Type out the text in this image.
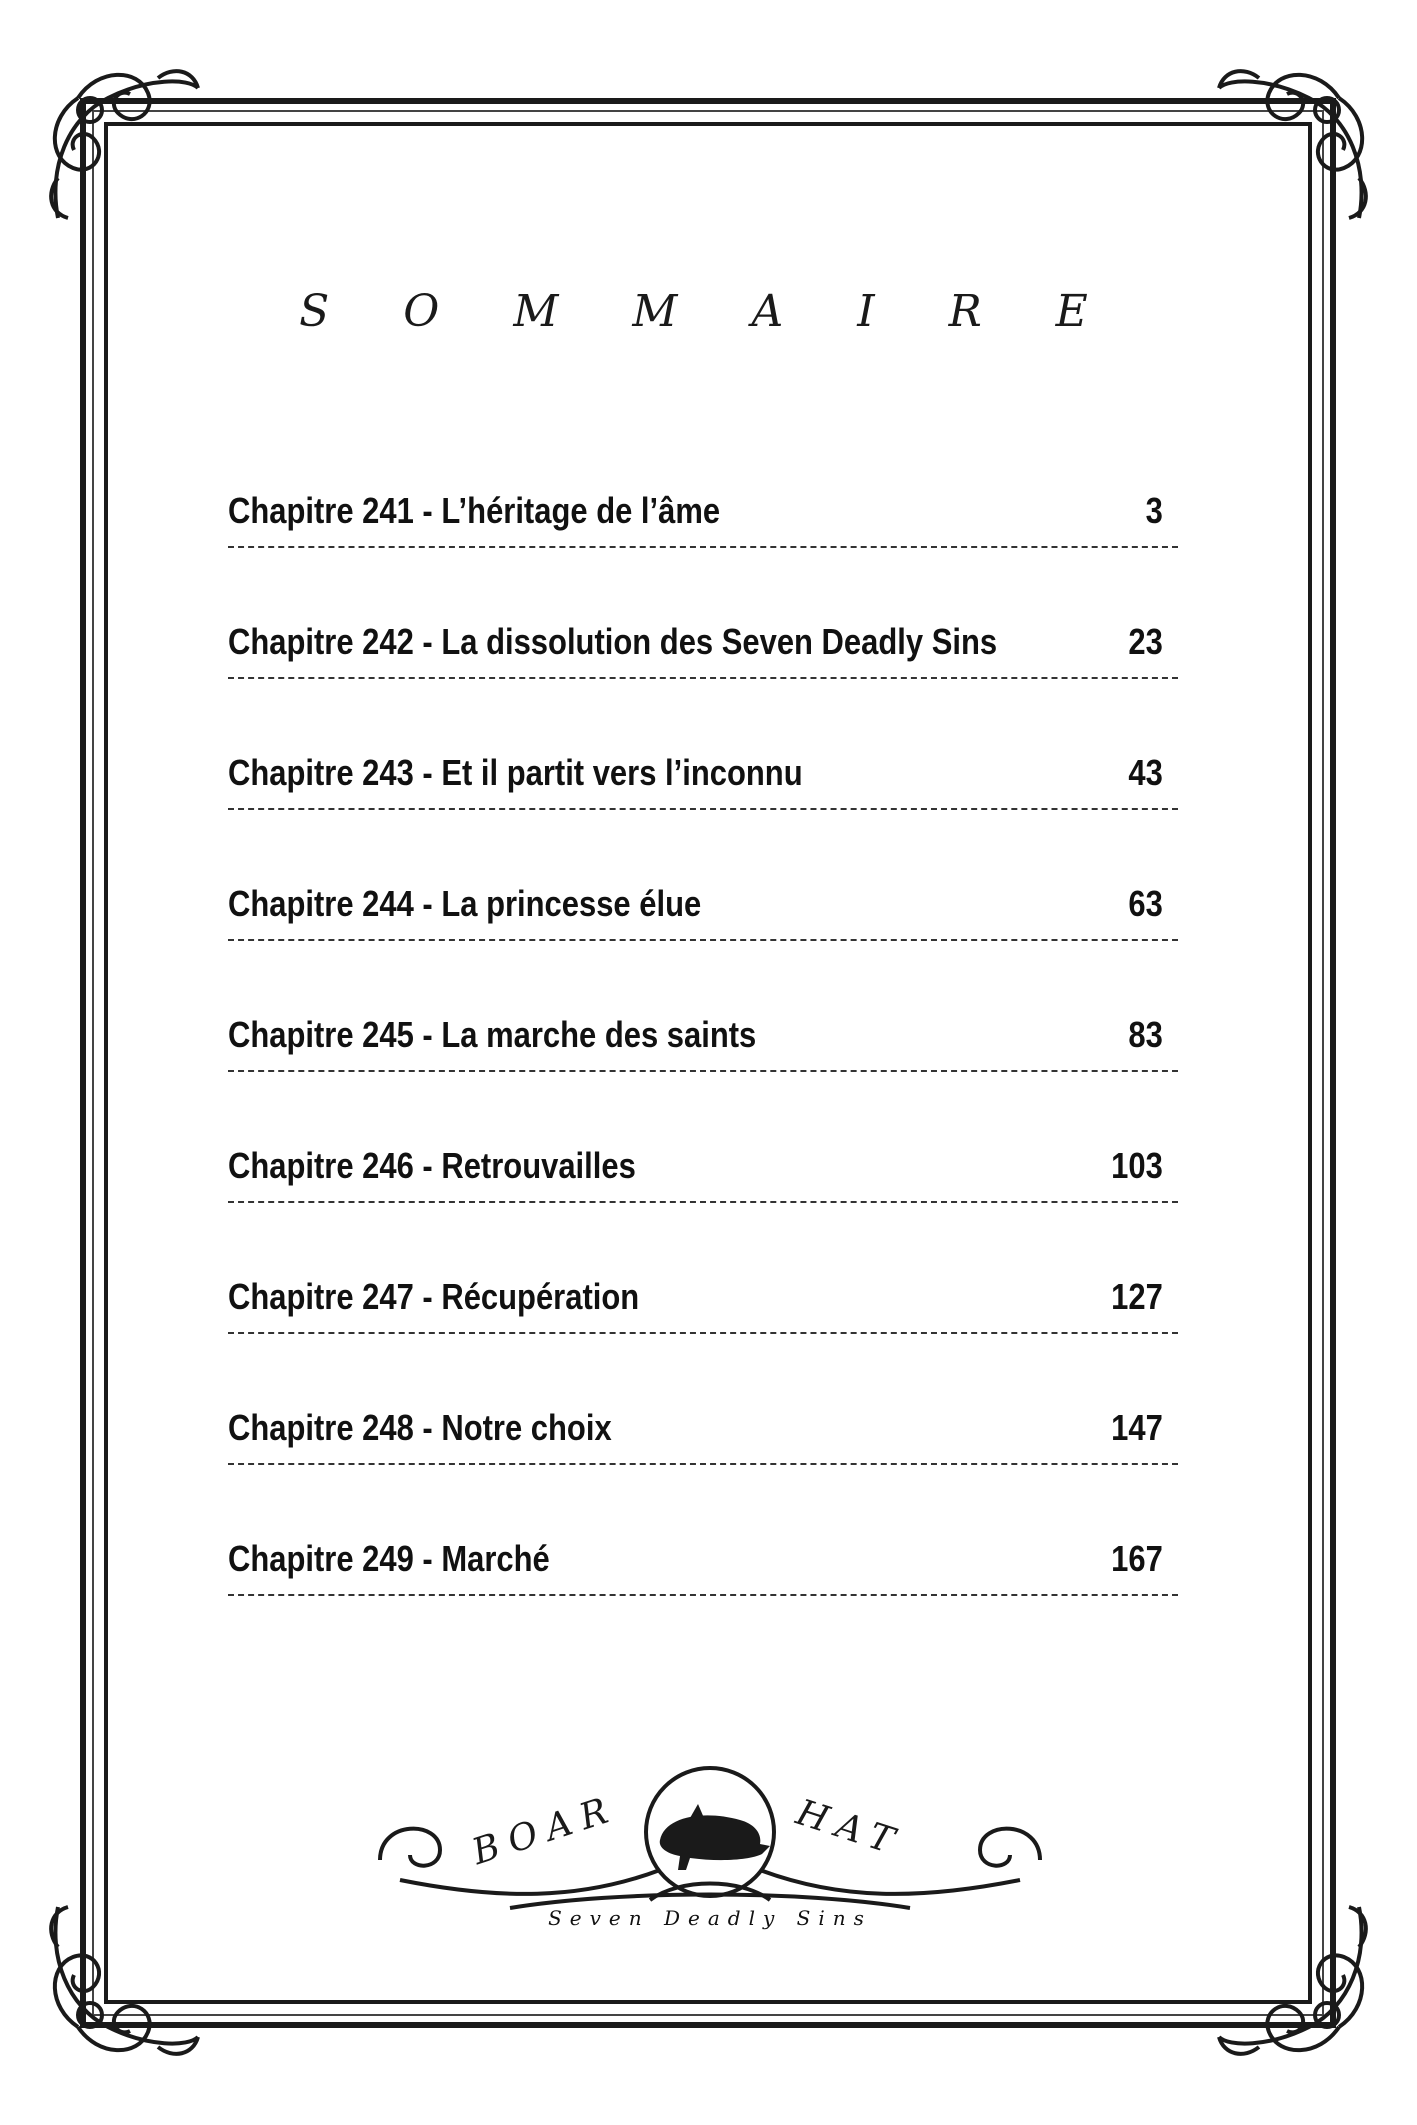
S O M M A I R E
Chapitre 241 - L’héritage de l’âme	3
Chapitre 242 - La dissolution des Seven Deadly Sins	23
Chapitre 243 - Et il partit vers l’inconnu	43
Chapitre 244 - La princesse élue	63
Chapitre 245 - La marche des saints	83
Chapitre 246 - Retrouvailles	103
Chapitre 247 - Récupération	127
Chapitre 248 - Notre choix	147
Chapitre 249 - Marché	167
BOAR	HAT
Seven Deadly Sins
